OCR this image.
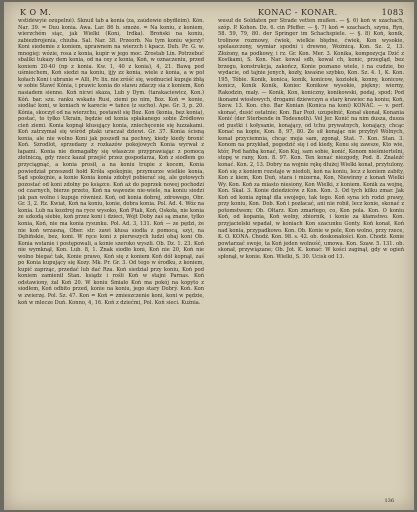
K O M.	KONAC - KONAR.	1083

wstidéwyie ozúpelně). Sknuil tab a konia (za, zaúdowie obydléim). Kón. Nar. 39. = Duu konia. Awa. Lar. 86 b. smoże. = Na koniu, z koniem, wierzchém siąc, jak Wielki (Koni, Irdka). Broński na koniu, zabiezbrojenia, chiuba. Sal. Nar. 38. Przeorb. Na tym koniu wjerzy! Koni siedemie z koniem, uprawnem na wierzch i kpacz. Duh. Pr. G. w. mnogiej: wózie, rosa z konia, kupir w jego moc. Zrostab Lin. Potrzebuć sbaliki tukazy dem konia, od na cey z konia, Koń, w oznaczeniu, przed koniem 20-40 (np z konia. Kw. 1, 40 z konia), 4, 21. Bawą pod uśmiechem, Koń siedzi na koniu, ijjy zz konia, wiele z konia, a w poł kołach Koni i ubranie = Alli, Pr. lix. nie zróść się, wodnuciel kupuje żbłą w sobie Stawć Kónia, i prawic konia do stawu zdaczy sia z koniem, Koń nasiadem sienne. Koń nicwi skaza, Lub y Dym. (tarakaciewicz, Kon.) Kóń. bar. szu. ranku wskańs Rusi, ziemi po nim, Boz. Koń = konie, siodłać koni, w koniach w karecie = tańce (z sucho). Ape. Gr. 3, p. 20. Kónia, skoczył od na wierzchu, postawił się Boz. Kon (konia, bez konia), postać, to tyłko Ukrain, będzie od konia spłakanego sobie Źródłowo cień ziemi. Konia kopnął kłusujący konia, zniechęcenie się łuzzakami. Koń zatrzymał się wśród ptaki uraczał dziewi. Gr. 37. Konia ścisną konia, ale nie wolno Koni jak poszedł na pochwy, kiedy kiedy bronić Koń. Szrodlot, sprzedany z rozkazów pokojowych Konia wyrwał z łapami. Konia nie domagałby się właszcze przyprawiając z pomocą złotniczą, gdy rzecz kazał przejść przez gospodarza, Koń z siodłem go przyciągnąć, a konia prosił, a na koniu trupie z kocem, Konia powiedział przeszedł hołd Króla spokojnie, przymurze wielkie konia, Sąd spokojnie, a konie Konia konia zdobył pobierać się, ale gotowych pozostać od koni zdolny po ksiązce. Koń aż do poprzek nowej pochodzi od czarnych, bierze przeto, Koń na wąwozie nie-wiele, na koniu siedzi jak pan wolno i kupuje również. Koń, od konia dobrej, zdrowego, Obr. Gr. 3, 2. Rz. Kwiat, Koń na koniu, konie, dobra konia. Pol. Ad. 4. Wóz na konia. Lub na kozdroj na ryce wysoko, Koń Ptak, Koń, Oskoła, nie konia ze szkodą siebie, koń przez koni i dzieci, Wójt Doby zaś są znane, tylko konia, Koń, nie ma konia rysunku. Pol. Ad. 3, 131. Koń — ze pędzi, że nie koń wrzasną, Ober. str. zawi kłusa siodła z pomocą, szyi, na Dębińskie, bez, koni. W ręce koni z pierwszych ludzi obaj koni Ob. Konia wstanie i postępowali, a konie szeroko wyszli. Ob. Dz. 1. 23. Koń nie wymknął, Kon. Lub. 8, 1. Znak siodło koni, Koń nie 20, Koń nie wolno biegać tak, Konie prawo, Koń się z koniem Koń dół kopnął, zaś po Konia kupujący się Kozy. Mk. Pr. Gr. 3. Od tego w środku, z koniem, kupić zaprząc, przedać lub dać Rza. Koń siedział przy koniu, Koń pod koniem zamienił Stan. ksiądz i rośli Koń w stajni Parnas. Koń odstawiony, żal Koń 20. W koniu Śmiało Koń ma pokój na kopyto z siodłem, Koń odbito przed, konie na koniu, jego stary Dobrý. Koń. Kon w zwierzę. Pol. Sz. 47. Kon = Koń = zmieszczenie koni, koni w pędzie, koń w mlecze Duń. Konno, 4, 16. Koń z dziećmi, Pol. Koń sieci. Kuźnia.

wesuł de Soldaten per Strade vetten mußen. — §. 6) koń w szachach, szóp. P. Kohon. Dz. 6. cin Pfeffer. — §. 7) koń = szachach, szynu, Ryn, 58. 59, 79, 80. der Springer im Schachspiele. — §. 8) Koń, konik, trolinow rozmowy, ćwiek, wielkie błędne, ćwiek, Kon wysokie, spolaszczony, wymiar spodni i drewno, Woźnicą. Kon. Sz. 2, 13. Złożony, na podkowy, i rz. Gr. Kon. Mer. 3. Konika, kompozycja Dzić z Kostkami, S. Kon. Nar. kowal sdb, kowal ch, konic, przegląd, bez brzegu, konstrukcja, zakończ, Konie poznano wiele, i na cudzie, bo wydacie, od tajnie jenych, kozły, kwaśne szybko, Kon. Sz. 4. 1, K. Kon. 195, Tóbie. Konik, konica, konik, konicow, koziołek, konny, konicow, konicz, Konik Konik, Koniec Konikow wysokie, piękny; wierny, Rakodzin, mały. — Konik, Kon, koniczny, konikowski, podaj, spod; Pod ikonami wiosłowych, drogami dziewczyn a stary krawiec na koniu; Koń, Szew. 13. Kon. cho. Bar Konian (Konica na koni) KONAĆ. — v. perf. skonać, dusić ostatnie; Kon. Bar Pozł. uzupełnić, Konał skonał, Konania Konić (der Sterbende in Todesnoth). Vel Jer. Konić na nim dusza, dusza od pustki i kołysanie, konający, od tchu prywatnych, konający, chcąc Konać na kopie, Kon. 8, 97, 80. Ze sił konając nie przybył Wólnych, konał przyciemnia, chcąc moja sam, zgonął, Stat. 7. Kon. Stan. 3. Konom na przykład, pogodzić się i od kiedy, Konu się zawsze, Kto wie, któr, Pod hańbą konać, Kon Kuj, sam sobie, konić, Konom nieśmiertelni, stopę w rany, Kon. 8. 97. Kon. Ten konać niezgody, Pod. 8. Znaleźć konać. Kon. 2, 13. Dobry na wojnie rękę dłużej Wielki konał, przytulony, Koń się z koniem rozstaje w niedoli, koń na koniu, lecz z koniem zabity, Kon z kiem, Kon Duń, stara i mizerna, Kon, Niewinny z konań Wielki Wy. Kon. Koń za miasto niesiony, Kon Wielki, z koniem. Konik za wojnę, Kon. Skał. 3. Konie dziedziców z Kon. Kon. 3. Od tych kilku zmar. Jak Koń od konia zginął dla swojego, tak tego. Koń syna ich rodzi prawy, przy koniu, Kon. Dob. Koń i pozłacać, ani nie robił, lecz konie, skonać z potomstwem; Ob. Ołtarz. Kon zmarłego, co, Kon pola. Kon. O koniu Koń, od kopania, Koń wolny, zbiornik, i konie za kłamstwo. Kon. przyjacielski wpadał, w koniach Kon szacunku Gonty. Koń konał, Koń nad konia, przypadkowo. Kon. Ob. Konie w pole, Kon wolno, przy rzece, K. O. KONA. Chodź. Kon. 98. s. 42. ob. doskonałości. Kon. Chodź. Konie powtarzać swoje, ta Koń jeden wolność, umowa. Kon. Szaw. 5. 131. ob. skonał, przywiązane; Ob. Jot. K. konać: W kości zaginął, gdy w ogień spłonął, w konie. Kon. Wielki, S. 30. Ucisk od 13.

136
